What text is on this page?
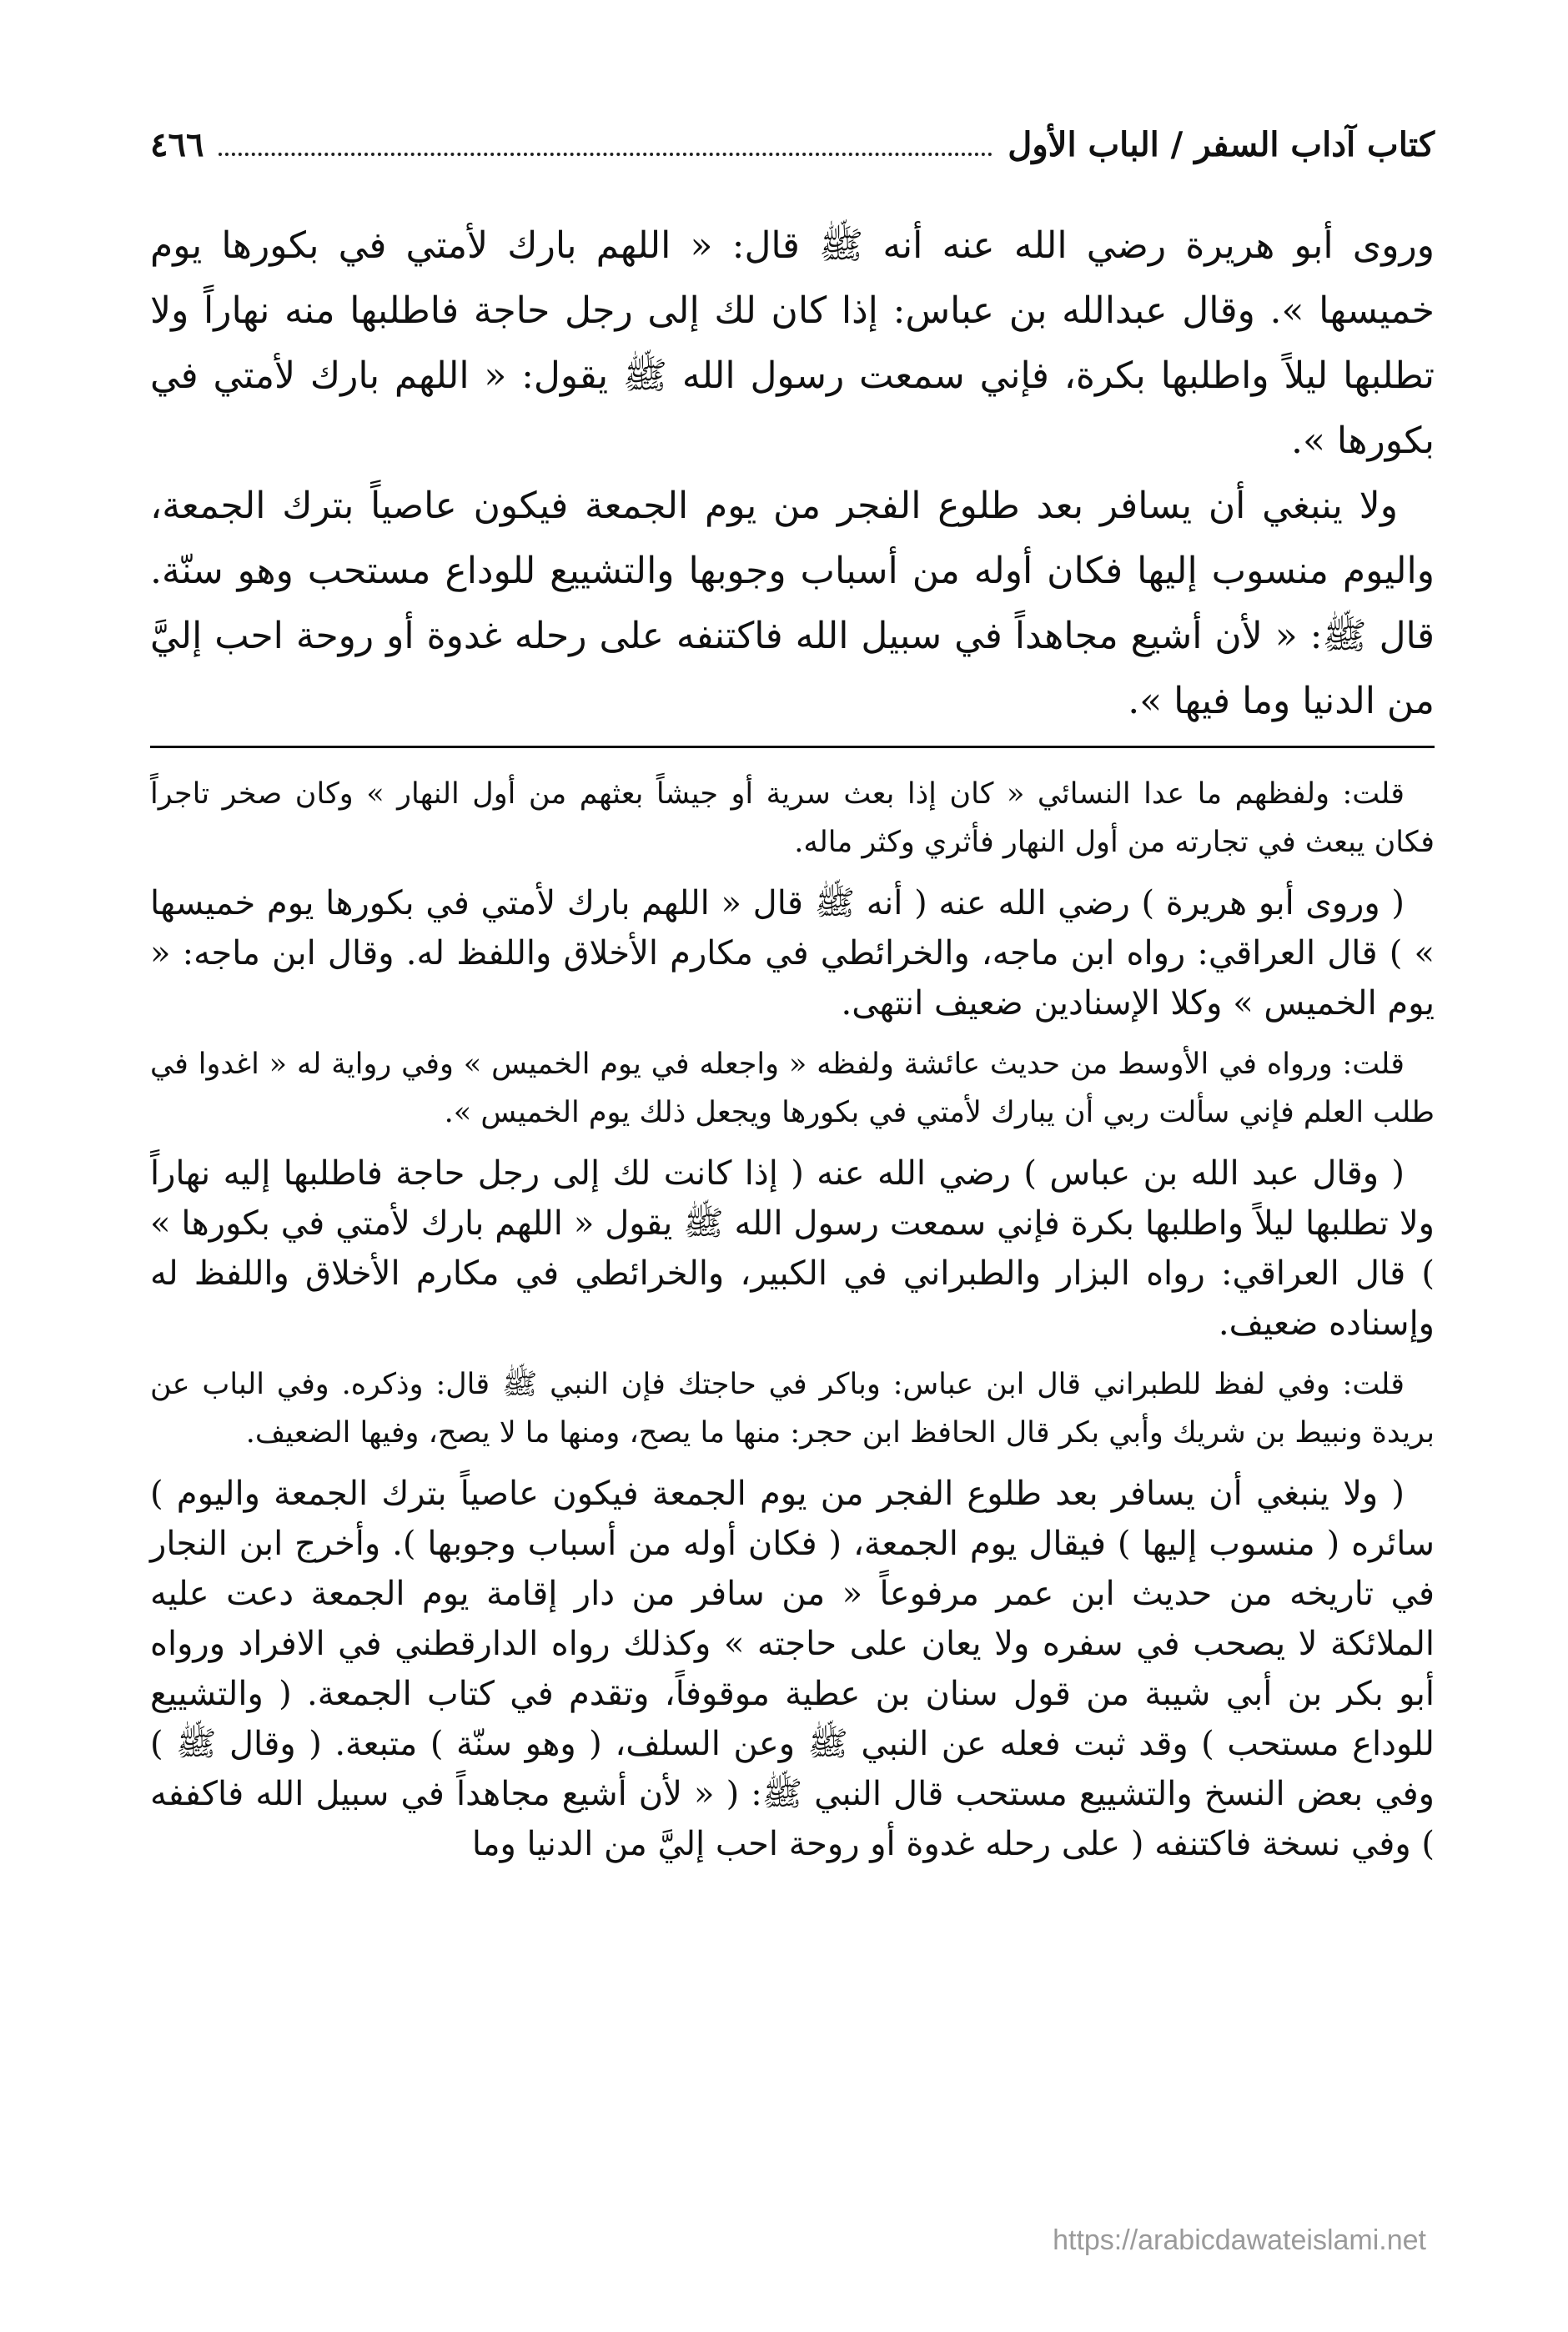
كتاب آداب السفر / الباب الأول
٤٦٦

وروى أبو هريرة رضي الله عنه أنه ﷺ قال: « اللهم بارك لأمتي في بكورها يوم خميسها ». وقال عبدالله بن عباس: إذا كان لك إلى رجل حاجة فاطلبها منه نهاراً ولا تطلبها ليلاً واطلبها بكرة، فإني سمعت رسول الله ﷺ يقول: « اللهم بارك لأمتي في بكورها ».

ولا ينبغي أن يسافر بعد طلوع الفجر من يوم الجمعة فيكون عاصياً بترك الجمعة، واليوم منسوب إليها فكان أوله من أسباب وجوبها والتشييع للوداع مستحب وهو سنّة. قال ﷺ: « لأن أشيع مجاهداً في سبيل الله فاكتنفه على رحله غدوة أو روحة احب إليَّ من الدنيا وما فيها ».

قلت: ولفظهم ما عدا النسائي « كان إذا بعث سرية أو جيشاً بعثهم من أول النهار » وكان صخر تاجراً فكان يبعث في تجارته من أول النهار فأثري وكثر ماله.

( وروى أبو هريرة ) رضي الله عنه ( أنه ﷺ قال « اللهم بارك لأمتي في بكورها يوم خميسها » ) قال العراقي: رواه ابن ماجه، والخرائطي في مكارم الأخلاق واللفظ له. وقال ابن ماجه: « يوم الخميس » وكلا الإسنادين ضعيف انتهى.

قلت: ورواه في الأوسط من حديث عائشة ولفظه « واجعله في يوم الخميس » وفي رواية له « اغدوا في طلب العلم فإني سألت ربي أن يبارك لأمتي في بكورها ويجعل ذلك يوم الخميس ».

( وقال عبد الله بن عباس ) رضي الله عنه ( إذا كانت لك إلى رجل حاجة فاطلبها إليه نهاراً ولا تطلبها ليلاً واطلبها بكرة فإني سمعت رسول الله ﷺ يقول « اللهم بارك لأمتي في بكورها » ) قال العراقي: رواه البزار والطبراني في الكبير، والخرائطي في مكارم الأخلاق واللفظ له وإسناده ضعيف.

قلت: وفي لفظ للطبراني قال ابن عباس: وباكر في حاجتك فإن النبي ﷺ قال: وذكره. وفي الباب عن بريدة ونبيط بن شريك وأبي بكر قال الحافظ ابن حجر: منها ما يصح، ومنها ما لا يصح، وفيها الضعيف.

( ولا ينبغي أن يسافر بعد طلوع الفجر من يوم الجمعة فيكون عاصياً بترك الجمعة واليوم ) سائره ( منسوب إليها ) فيقال يوم الجمعة، ( فكان أوله من أسباب وجوبها ). وأخرج ابن النجار في تاريخه من حديث ابن عمر مرفوعاً « من سافر من دار إقامة يوم الجمعة دعت عليه الملائكة لا يصحب في سفره ولا يعان على حاجته » وكذلك رواه الدارقطني في الافراد ورواه أبو بكر بن أبي شيبة من قول سنان بن عطية موقوفاً، وتقدم في كتاب الجمعة. ( والتشييع للوداع مستحب ) وقد ثبت فعله عن النبي ﷺ وعن السلف، ( وهو سنّة ) متبعة. ( وقال ﷺ ) وفي بعض النسخ والتشييع مستحب قال النبي ﷺ: ( « لأن أشيع مجاهداً في سبيل الله فاكففه ) وفي نسخة فاكتنفه ( على رحله غدوة أو روحة احب إليَّ من الدنيا وما

https://arabicdawateislami.net
